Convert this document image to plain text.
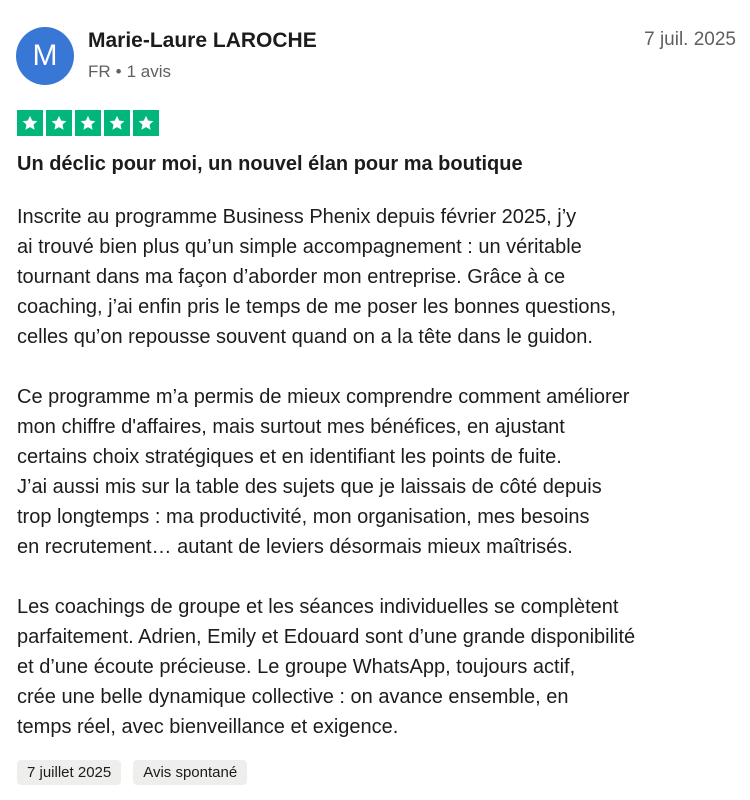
M	Marie-Laure LAROCHE
FR • 1 avis
7 juil. 2025
Un déclic pour moi, un nouvel élan pour ma boutique

Inscrite au programme Business Phenix depuis février 2025, j’y
ai trouvé bien plus qu’un simple accompagnement : un véritable
tournant dans ma façon d’aborder mon entreprise. Grâce à ce
coaching, j’ai enfin pris le temps de me poser les bonnes questions,
celles qu’on repousse souvent quand on a la tête dans le guidon.

Ce programme m’a permis de mieux comprendre comment améliorer
mon chiffre d'affaires, mais surtout mes bénéfices, en ajustant
certains choix stratégiques et en identifiant les points de fuite.
J’ai aussi mis sur la table des sujets que je laissais de côté depuis
trop longtemps : ma productivité, mon organisation, mes besoins
en recrutement… autant de leviers désormais mieux maîtrisés.

Les coachings de groupe et les séances individuelles se complètent
parfaitement. Adrien, Emily et Edouard sont d’une grande disponibilité
et d’une écoute précieuse. Le groupe WhatsApp, toujours actif,
crée une belle dynamique collective : on avance ensemble, en
temps réel, avec bienveillance et exigence.

7 juillet 2025	Avis spontané
